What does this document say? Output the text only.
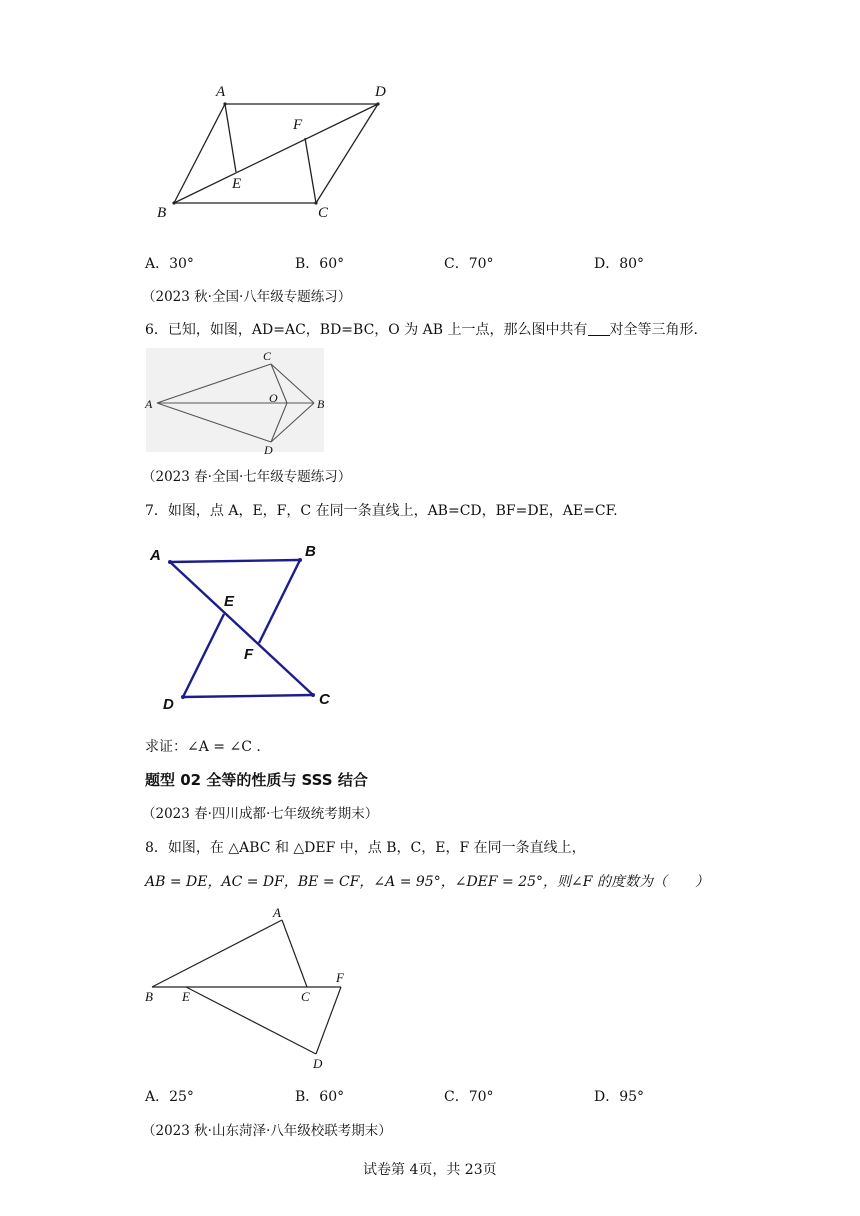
A	D
F
E
B	C
A．30°	B．60°	C．70°	D．80°
（2023 秋·全国·八年级专题练习）
6．已知，如图，AD=AC，BD=BC，O 为 AB 上一点，那么图中共有 对全等三角形.
C
A	O	B
D
（2023 春·全国·七年级专题练习）
7．如图，点 A，E，F，C 在同一条直线上，AB=CD，BF=DE，AE=CF.
A	B
E
F
D	C
求证：∠A = ∠C .
题型 02 全等的性质与 SSS 结合
（2023 春·四川成都·七年级统考期末）
8．如图，在 △ABC 和 △DEF 中，点 B，C，E，F 在同一条直线上，
AB = DE，AC = DF，BE = CF，∠A = 95°，∠DEF = 25°，则∠F 的度数为（　　）
A
B E	C
F
D
A．25°	B．60°	C．70°	D．95°
（2023 秋·山东菏泽·八年级校联考期末）
试卷第 4页，共 23页
